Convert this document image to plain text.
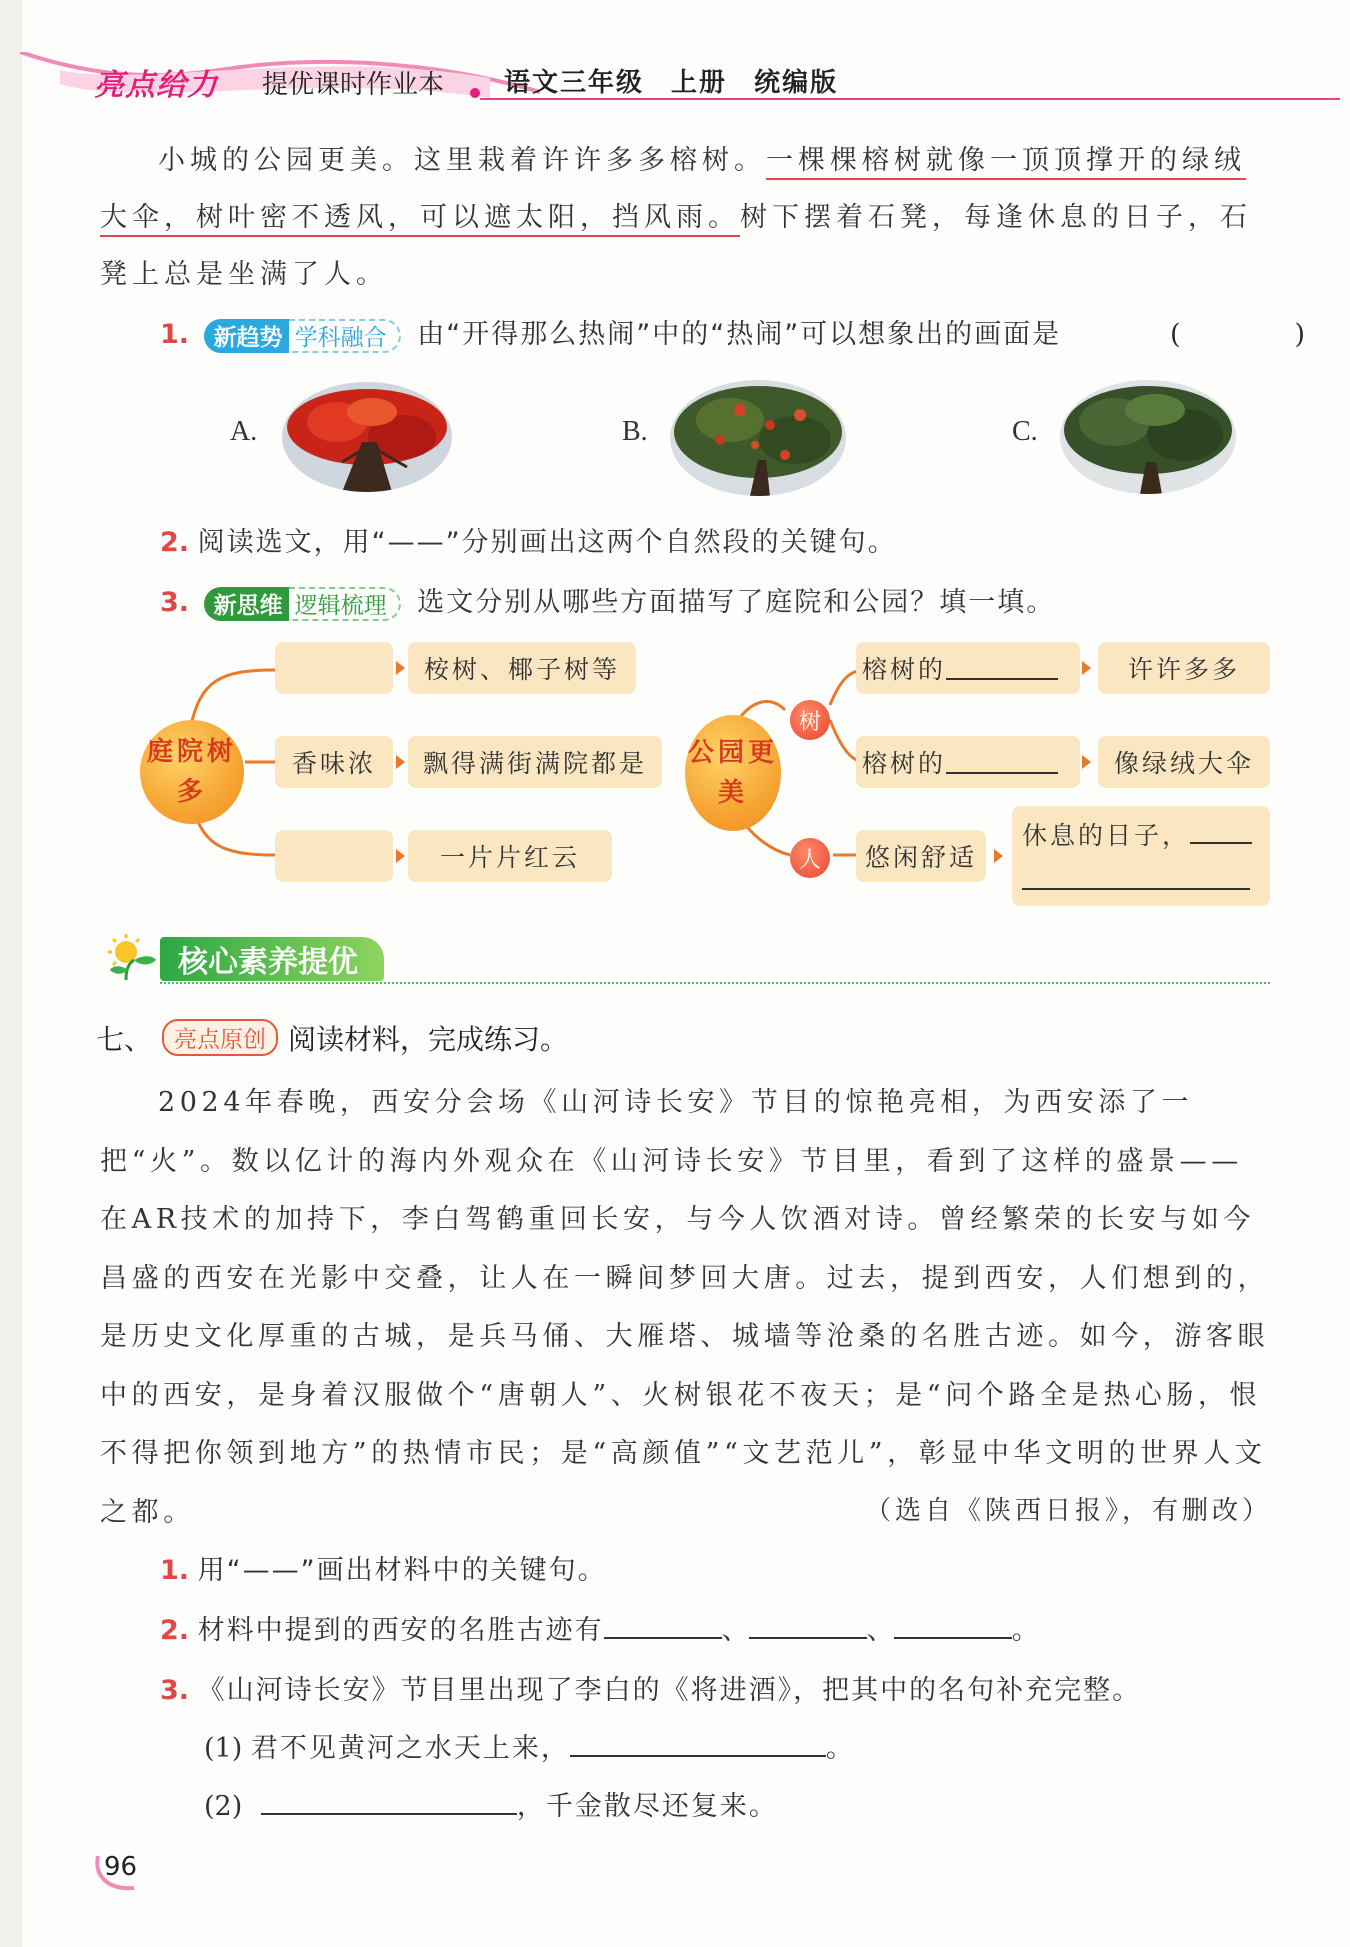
亮点给力 提优课时作业本 语文三年级 上册 统编版
小城的公园更美。这里栽着许许多多榕树。一棵棵榕树就像一顶顶撑开的绿绒大伞，树叶密不透风，可以遮太阳，挡风雨。树下摆着石凳，每逢休息的日子，石凳上总是坐满了人。
1.	新趋势 学科融合	由“开得那么热闹”中的“热闹”可以想象出的画面是	(　　)
A.	B.	C.
2. 阅读选文，用“——”分别画出这两个自然段的关键句。
3.	新思维 逻辑梳理	选文分别从哪些方面描写了庭院和公园？填一填。
庭院树多
桉树、椰子树等
香味浓	飘得满街满院都是
一片片红云
公园更美
树
人
榕树的	许许多多
榕树的	像绿绒大伞
悠闲舒适
休息的日子，
核心素养提优
七、 亮点原创 阅读材料，完成练习。
2024年春晚，西安分会场《山河诗长安》节目的惊艳亮相，为西安添了一把“火”。数以亿计的海内外观众在《山河诗长安》节目里，看到了这样的盛景——在AR技术的加持下，李白驾鹤重回长安，与今人饮酒对诗。曾经繁荣的长安与如今昌盛的西安在光影中交叠，让人在一瞬间梦回大唐。过去，提到西安，人们想到的，是历史文化厚重的古城，是兵马俑、大雁塔、城墙等沧桑的名胜古迹。如今，游客眼中的西安，是身着汉服做个“唐朝人”、火树银花不夜天；是“问个路全是热心肠，恨不得把你领到地方”的热情市民；是“高颜值”“文艺范儿”，彰显中华文明的世界人文之都。	（选自《陕西日报》，有删改）
1. 用“——”画出材料中的关键句。
2. 材料中提到的西安的名胜古迹有	、	、	。
3. 《山河诗长安》节目里出现了李白的《将进酒》，把其中的名句补充完整。
(1) 君不见黄河之水天上来，	。
(2)	，千金散尽还复来。
96
